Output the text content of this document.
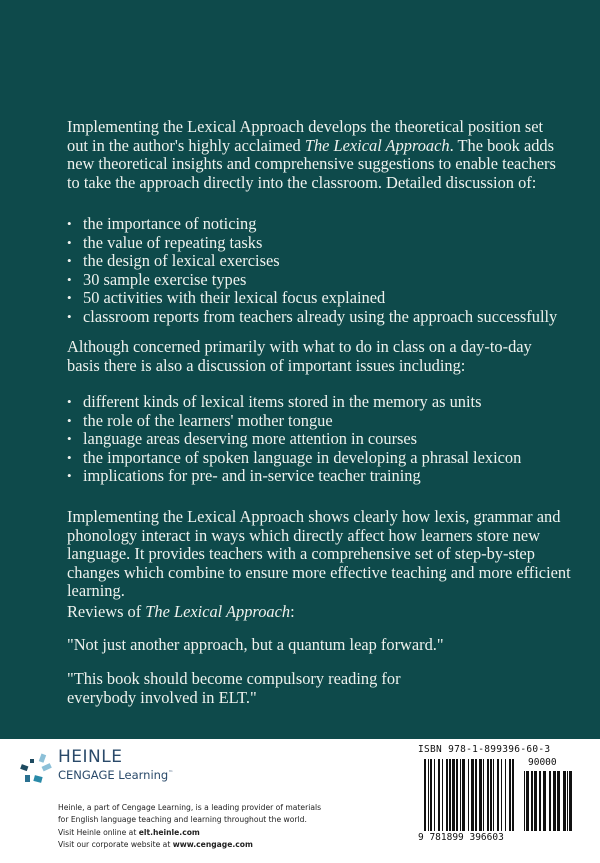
Implementing the Lexical Approach develops the theoretical position set out in the author's highly acclaimed The Lexical Approach. The book adds new theoretical insights and comprehensive suggestions to enable teachers to take the approach directly into the classroom. Detailed discussion of:

• the importance of noticing
• the value of repeating tasks
• the design of lexical exercises
• 30 sample exercise types
• 50 activities with their lexical focus explained
• classroom reports from teachers already using the approach successfully

Although concerned primarily with what to do in class on a day-to-day basis there is also a discussion of important issues including:

• different kinds of lexical items stored in the memory as units
• the role of the learners' mother tongue
• language areas deserving more attention in courses
• the importance of spoken language in developing a phrasal lexicon
• implications for pre- and in-service teacher training

Implementing the Lexical Approach shows clearly how lexis, grammar and phonology interact in ways which directly affect how learners store new language. It provides teachers with a comprehensive set of step-by-step changes which combine to ensure more effective teaching and more efficient learning.

Reviews of The Lexical Approach:

"Not just another approach, but a quantum leap forward."

"This book should become compulsory reading for everybody involved in ELT."

HEINLE
CENGAGE Learning™
Heinle, a part of Cengage Learning, is a leading provider of materials
for English language teaching and learning throughout the world.
Visit Heinle online at elt.heinle.com
Visit our corporate website at www.cengage.com
ISBN 978-1-899396-60-3
90000
9 781899 396603
